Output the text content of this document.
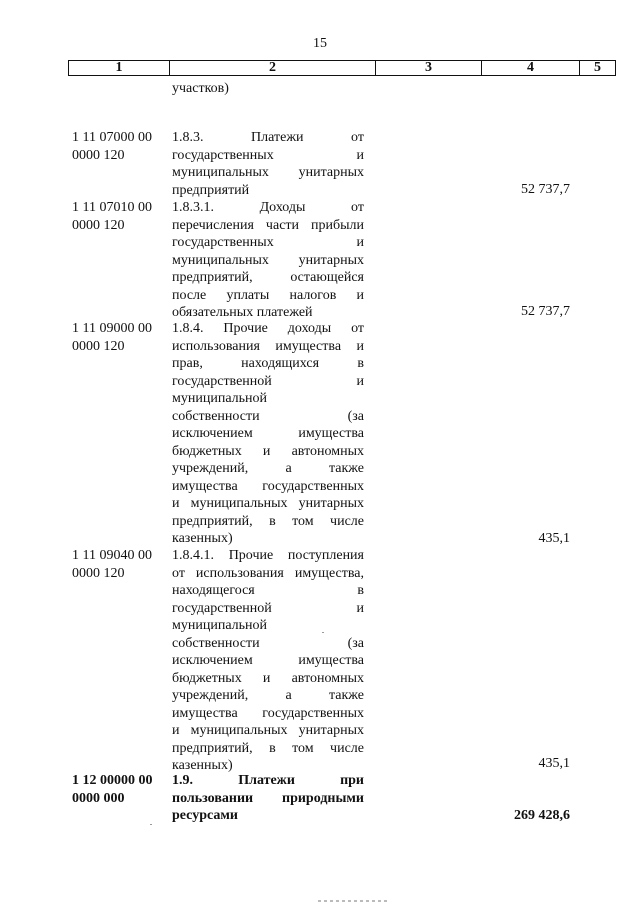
15
1	2	3	4	5
участков)
1 11 07000 00
0000 120
1.8.3. Платежи от
государственных и
муниципальных унитарных
предприятий	52 737,7
1 11 07010 00
0000 120
1.8.3.1. Доходы от
перечисления части прибыли
государственных и
муниципальных унитарных
предприятий, остающейся
после уплаты налогов и
обязательных платежей	52 737,7
1 11 09000 00
0000 120
1.8.4. Прочие доходы от
использования имущества и
прав, находящихся в
государственной и
муниципальной
собственности (за
исключением имущества
бюджетных и автономных
учреждений, а также
имущества государственных
и муниципальных унитарных
предприятий, в том числе
казенных)	435,1
1 11 09040 00
0000 120
1.8.4.1. Прочие поступления
от использования имущества,
находящегося в
государственной и
муниципальной
собственности (за
исключением имущества
бюджетных и автономных
учреждений, а также
имущества государственных
и муниципальных унитарных
предприятий, в том числе
казенных)	435,1
1 12 00000 00
0000 000
1.9. Платежи при
пользовании природными
ресурсами	269 428,6
